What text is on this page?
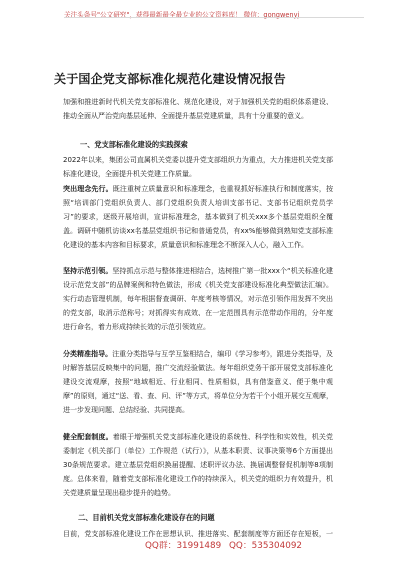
关注头条号"公文研究"，获得最新最全最专业的公文资料库！ 微信：gongwenyj
关于国企党支部标准化规范化建设情况报告
加强和推进新时代机关党支部标准化、规范化建设，对于加强机关党的组织体系建设、推动全面从严治党向基层延伸、全面提升基层党建质量，具有十分重要的意义。
一、党支部标准化建设的实践探索
2022年以来，集团公司直属机关党委以提升党支部组织力为重点，大力推进机关党支部标准化建设，全面提升机关党建工作质量。
突出理念先行。既注重树立质量意识和标准理念，也重视抓好标准执行和制度落实，按照“培训部门党组织负责人、部门党组织负责人培训支部书记、支部书记组织党员学习”的要求，逐级开展培训，宣讲标准理念，基本做到了机关xxx多个基层党组织全覆盖。调研中随机访谈xx名基层党组织书记和普通党员，有xx%能够做到熟知党支部标准化建设的基本内容和目标要求，质量意识和标准理念不断深入人心，融入工作。
坚持示范引领。坚持抓点示范与整体推进相结合，选树推广第一批xxx个“机关标准化建设示范党支部”的品牌案例和特色做法，形成《机关党支部建设标准化典型做法汇编》。实行动态管理机制，每年根据督查调研、年度考核等情况，对示范引领作用发挥不突出的党支部，取消示范称号；对抓得实有成效、在一定范围具有示范带动作用的，分年度进行命名，着力形成持续长效的示范引领效应。
分类精准指导。注重分类指导与互学互鉴相结合，编印《学习参考》，跟进分类指导，及时解答基层反映集中的问题，推广交流经验做法。每年组织党务干部开展党支部标准化建设交流观摩，按照“地域相近、行业相同、性质相似，具有借鉴意义、便于集中观摩”的原则，通过“送、看、查、问、评”等方式，将单位分为若干个小组开展交互观摩，进一步发现问题、总结经验、共同提高。
健全配套制度。着眼于增强机关党支部标准化建设的系统性、科学性和实效性，机关党委制定《机关部门（单位）工作规范（试行）》，从基本职责、议事决策等6个方面提出30条规范要求。建立基层党组织换届提醒、述职评议办法、换届调整督促机制等8项制度。总体来看，随着党支部标准化建设工作的持续深入，机关党的组织力有效提升，机关党建质量呈现出稳步提升的趋势。
二、目前机关党支部标准化建设存在的问题
目前，党支部标准化建设工作在思想认识、推进落实、配套制度等方面还存在短板，一
QQ群：31991489 QQ：535304092
